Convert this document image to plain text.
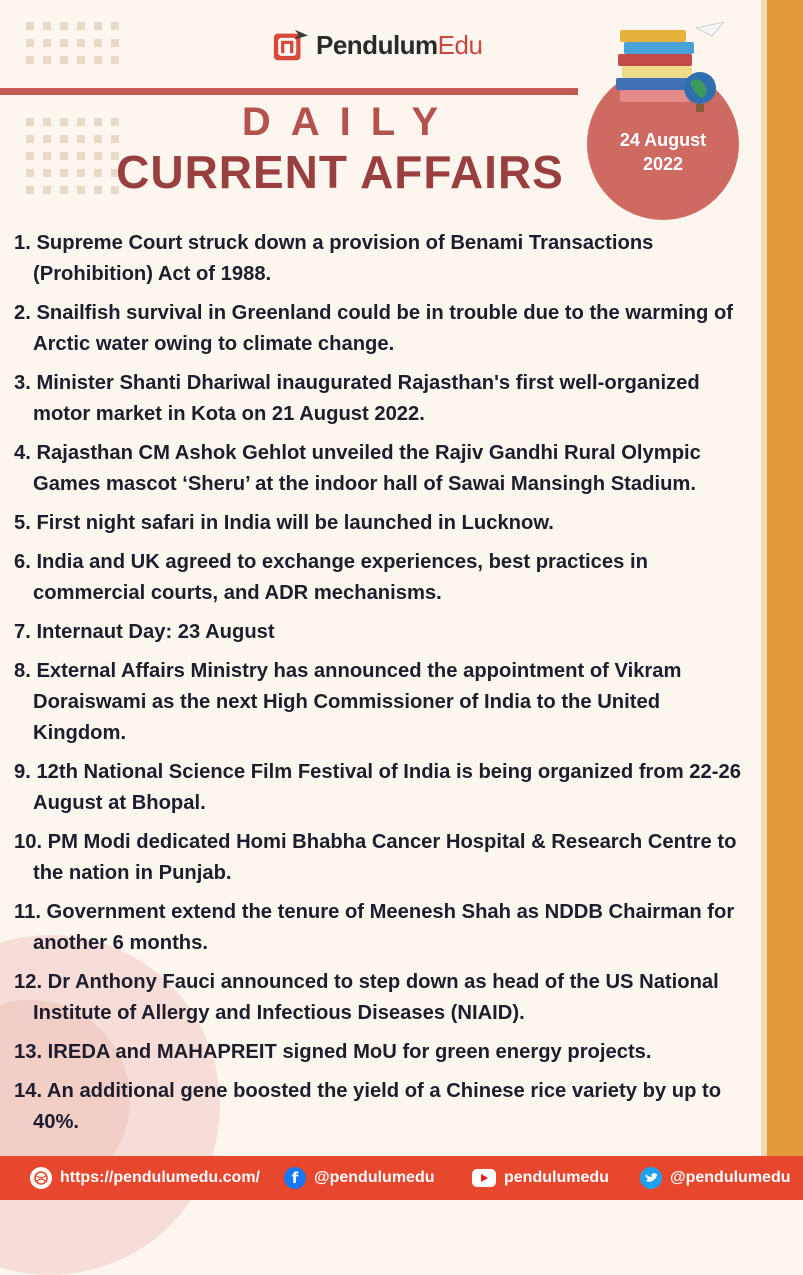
PendulumEdu
DAILY
CURRENT AFFAIRS
24 August
2022
1. Supreme Court struck down a provision of Benami Transactions (Prohibition) Act of 1988.
2. Snailfish survival in Greenland could be in trouble due to the warming of Arctic water owing to climate change.
3. Minister Shanti Dhariwal inaugurated Rajasthan's first well-organized motor market in Kota on 21 August 2022.
4. Rajasthan CM Ashok Gehlot unveiled the Rajiv Gandhi Rural Olympic Games mascot ‘Sheru’ at the indoor hall of Sawai Mansingh Stadium.
5. First night safari in India will be launched in Lucknow.
6. India and UK agreed to exchange experiences, best practices in commercial courts, and ADR mechanisms.
7. Internaut Day: 23 August
8. External Affairs Ministry has announced the appointment of Vikram Doraiswami as the next High Commissioner of India to the United Kingdom.
9. 12th National Science Film Festival of India is being organized from 22-26 August at Bhopal.
10. PM Modi dedicated Homi Bhabha Cancer Hospital & Research Centre to the nation in Punjab.
11. Government extend the tenure of Meenesh Shah as NDDB Chairman for another 6 months.
12. Dr Anthony Fauci announced to step down as head of the US National Institute of Allergy and Infectious Diseases (NIAID).
13. IREDA and MAHAPREIT signed MoU for green energy projects.
14. An additional gene boosted the yield of a Chinese rice variety by up to 40%.
https://pendulumedu.com/ f @pendulumedu	pendulumedu	@pendulumedu
